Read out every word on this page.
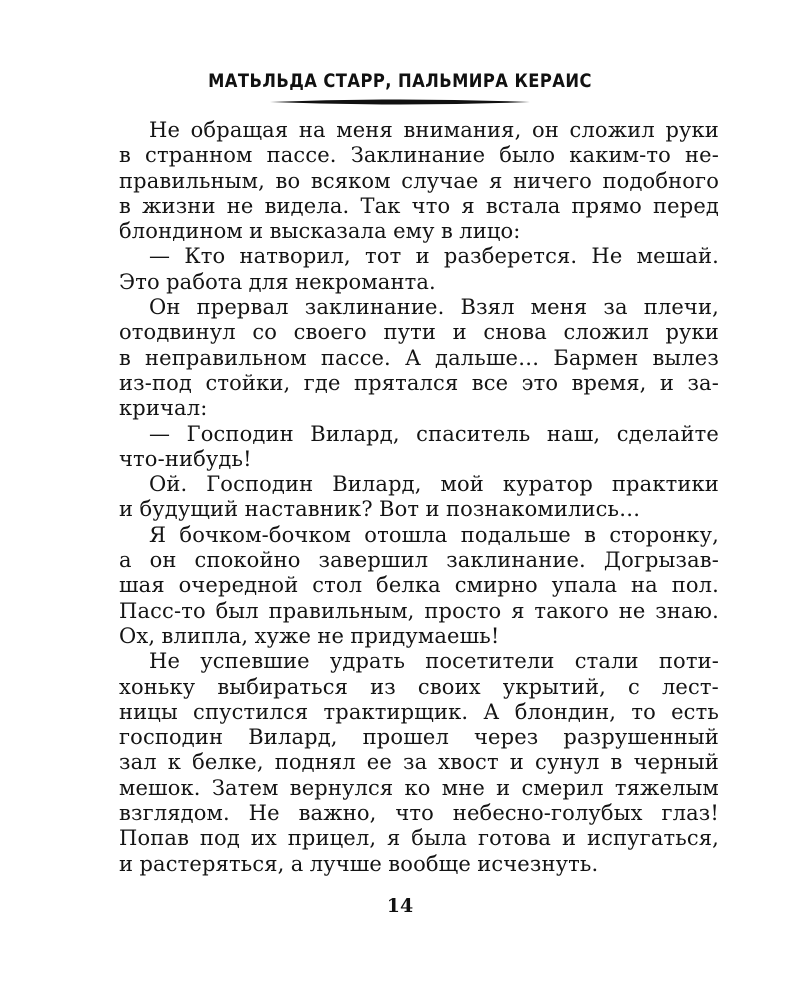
МАТЬЛЬДА СТАРР, ПАЛЬМИРА КЕРАИС
Не обращая на меня внимания, он сложил руки
в странном пассе. Заклинание было каким-то не-
правильным, во всяком случае я ничего подобного
в жизни не видела. Так что я встала прямо перед
блондином и высказала ему в лицо:
— Кто натворил, тот и разберется. Не мешай.
Это работа для некроманта.
Он прервал заклинание. Взял меня за плечи,
отодвинул со своего пути и снова сложил руки
в неправильном пассе. А дальше… Бармен вылез
из-под стойки, где прятался все это время, и за-
кричал:
— Господин Вилард, спаситель наш, сделайте
что-нибудь!
Ой. Господин Вилард, мой куратор практики
и будущий наставник? Вот и познакомились…
Я бочком-бочком отошла подальше в сторонку,
а он спокойно завершил заклинание. Догрызав-
шая очередной стол белка смирно упала на пол.
Пасс-то был правильным, просто я такого не знаю.
Ох, влипла, хуже не придумаешь!
Не успевшие удрать посетители стали поти-
хоньку выбираться из своих укрытий, с лест-
ницы спустился трактирщик. А блондин, то есть
господин Вилард, прошел через разрушенный
зал к белке, поднял ее за хвост и сунул в черный
мешок. Затем вернулся ко мне и смерил тяжелым
взглядом. Не важно, что небесно-голубых глаз!
Попав под их прицел, я была готова и испугаться,
и растеряться, а лучше вообще исчезнуть.
14
